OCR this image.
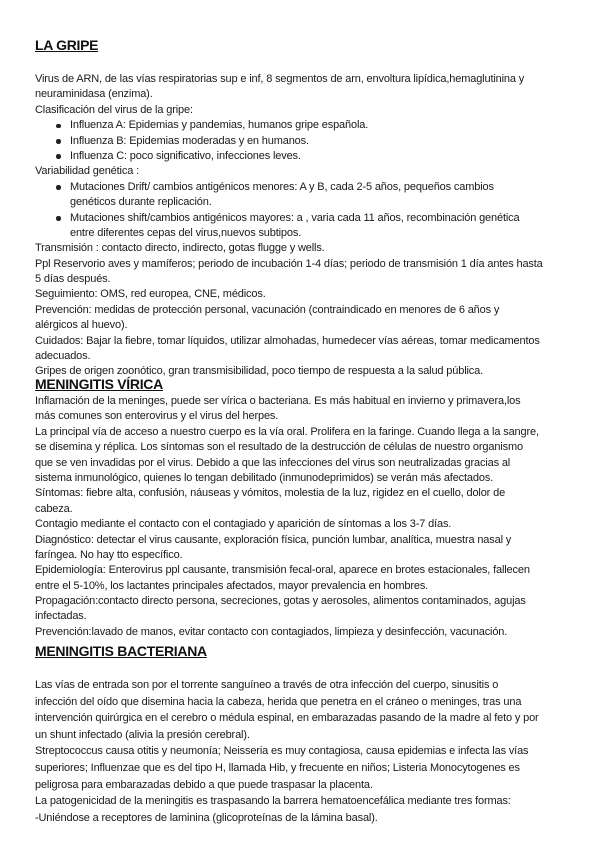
LA GRIPE
Virus de ARN, de las vías respiratorias sup e inf, 8 segmentos de arn, envoltura lipídica,hemaglutinina y
neuraminidasa (enzima).
Clasificación del virus de la gripe:
Influenza A: Epidemias y pandemias, humanos gripe española.
Influenza B: Epidemias moderadas y en humanos.
Influenza C: poco significativo, infecciones leves.
Variabilidad genética :
Mutaciones Drift/ cambios antigénicos menores: A y B, cada 2-5 años, pequeños cambios
genéticos durante replicación.
Mutaciones shift/cambios antigénicos mayores: a , varia cada 11 años, recombinación genética
entre diferentes cepas del virus,nuevos subtipos.
Transmisión : contacto directo, indirecto, gotas flugge y wells.
Ppl Reservorio aves y mamíferos; periodo de incubación 1-4 días; periodo de transmisión 1 día antes hasta
5 días después.
Seguimiento: OMS, red europea, CNE, médicos.
Prevención: medidas de protección personal, vacunación (contraindicado en menores de 6 años y
alérgicos al huevo).
Cuidados: Bajar la fiebre, tomar líquidos, utilizar almohadas, humedecer vías aéreas, tomar medicamentos
adecuados.
Gripes de origen zoonótico, gran transmisibilidad, poco tiempo de respuesta a la salud pública.
MENINGITIS VÍRICA
Inflamación de la meninges, puede ser vírica o bacteriana. Es más habitual en invierno y primavera,los
más comunes son enterovirus y el virus del herpes.
La principal vía de acceso a nuestro cuerpo es la vía oral. Prolifera en la faringe. Cuando llega a la sangre,
se disemina y réplica. Los síntomas son el resultado de la destrucción de células de nuestro organismo
que se ven invadidas por el virus. Debido a que las infecciones del virus son neutralizadas gracias al
sistema inmunológico, quienes lo tengan debilitado (inmunodeprimidos) se verán más afectados.
Síntomas: fiebre alta, confusión, náuseas y vómitos, molestia de la luz, rigidez en el cuello, dolor de
cabeza.
Contagio mediante el contacto con el contagiado y aparición de síntomas a los 3-7 días.
Diagnóstico: detectar el virus causante, exploración física, punción lumbar, analítica, muestra nasal y
faríngea. No hay tto específico.
Epidemiología: Enterovirus ppl causante, transmisión fecal-oral, aparece en brotes estacionales, fallecen
entre el 5-10%, los lactantes principales afectados, mayor prevalencia en hombres.
Propagación:contacto directo persona, secreciones, gotas y aerosoles, alimentos contaminados, agujas
infectadas.
Prevención:lavado de manos, evitar contacto con contagiados, limpieza y desinfección, vacunación.
MENINGITIS BACTERIANA
Las vías de entrada son por el torrente sanguíneo a través de otra infección del cuerpo, sinusitis o
infección del oído que disemina hacia la cabeza, herida que penetra en el cráneo o meninges, tras una
intervención quirúrgica en el cerebro o médula espinal, en embarazadas pasando de la madre al feto y por
un shunt infectado (alivia la presión cerebral).
Streptococcus causa otitis y neumonía; Neisseria es muy contagiosa, causa epidemias e infecta las vías
superiores; Influenzae que es del tipo H, llamada Hib, y frecuente en niños; Listeria Monocytogenes es
peligrosa para embarazadas debido a que puede traspasar la placenta.
La patogenicidad de la meningitis es traspasando la barrera hematoencefálica mediante tres formas:
-Uniéndose a receptores de laminina (glicoproteínas de la lámina basal).
